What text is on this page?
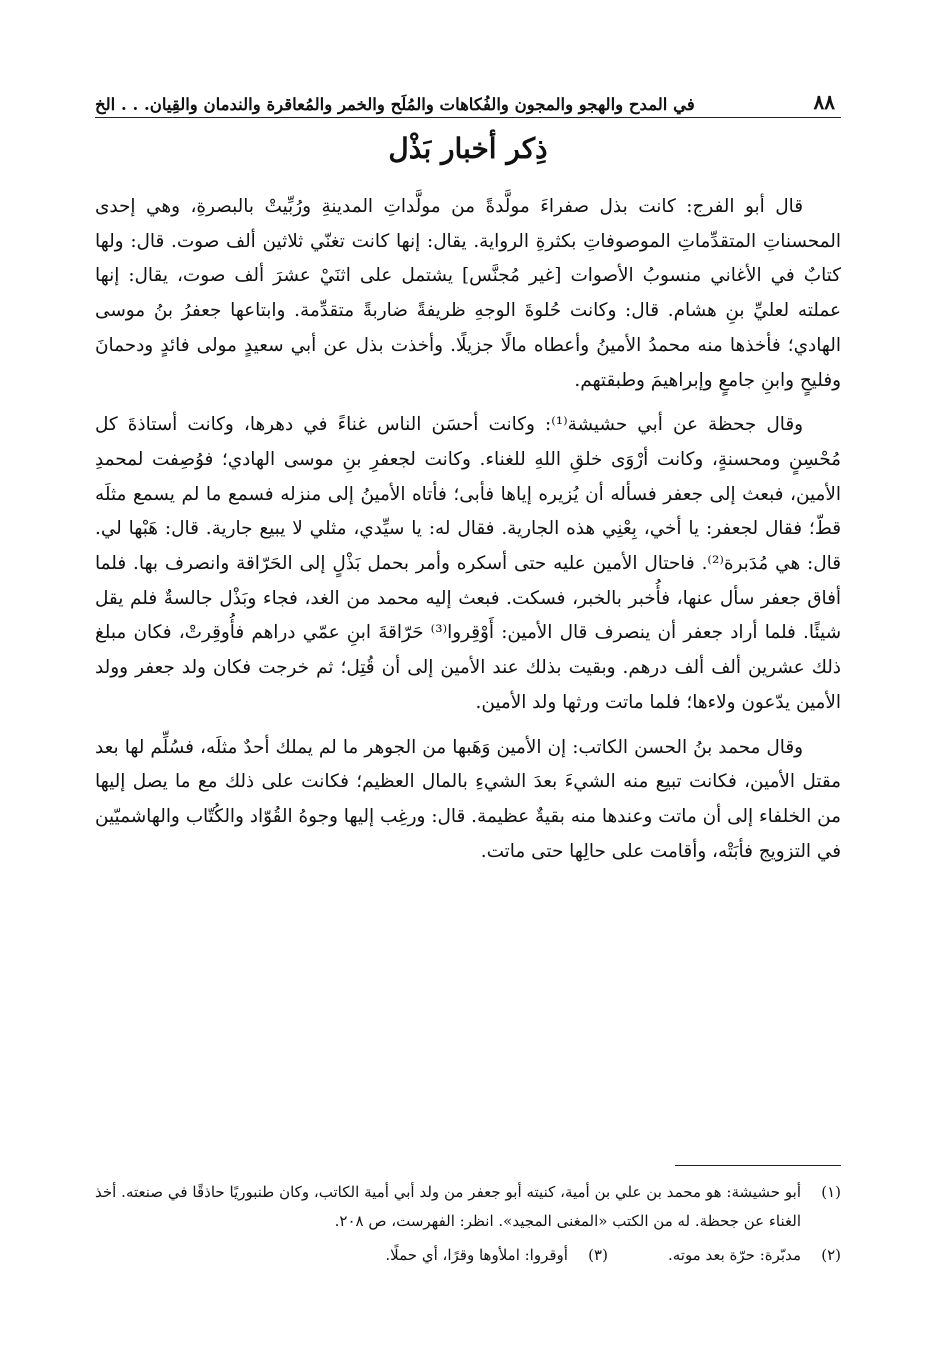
٨٨
في المدح والهجو والمجون والفُكاهات والمُلَح والخمر والمُعاقرة والندمان والقِيان. . . الخ
ذِكر أخبار بَذْل

قال أبو الفرج: كانت بذل صفراءَ مولَّدةً من مولَّداتِ المدينةِ ورُبِّيتْ بالبصرةِ، وهي إحدى المحسناتِ المتقدِّماتِ الموصوفاتِ بكثرةِ الرواية. يقال: إنها كانت تغنّي ثلاثين ألف صوت. قال: ولها كتابٌ في الأغاني منسوبُ الأصوات [غير مُجنَّس] يشتمل على اثنَيْ عشرَ ألف صوت، يقال: إنها عملته لعليِّ بنِ هشام. قال: وكانت حُلوةَ الوجهِ ظريفةً ضاربةً متقدِّمة. وابتاعها جعفرُ بنُ موسى الهادي؛ فأخذها منه محمدُ الأمينُ وأعطاه مالًا جزيلًا. وأخذت بذل عن أبي سعيدٍ مولى فائدٍ ودحمانَ وفليحٍ وابنِ جامعٍ وإبراهيمَ وطبقتهم.

وقال جحظة عن أبي حشيشة⁽¹⁾: وكانت أحسَن الناس غناءً في دهرها، وكانت أستاذةَ كل مُحْسِنٍ ومحسنةٍ، وكانت أرْوَى خلقِ اللهِ للغناء. وكانت لجعفرِ بنِ موسى الهادي؛ فوُصِفت لمحمدِ الأمين، فبعث إلى جعفر فسأله أن يُزيره إياها فأبى؛ فأتاه الأمينُ إلى منزله فسمع ما لم يسمع مثلَه قطّ؛ فقال لجعفر: يا أخي، بِعْنِي هذه الجارية. فقال له: يا سيِّدي، مثلي لا يبيع جارية. قال: هَبْها لي. قال: هي مُدَبرة⁽²⁾. فاحتال الأمين عليه حتى أسكره وأمر بحمل بَذْلٍ إلى الحَرّاقة وانصرف بها. فلما أفاق جعفر سأل عنها، فأُخبر بالخبر، فسكت. فبعث إليه محمد من الغد، فجاء وبَذْل جالسةٌ فلم يقل شيئًا. فلما أراد جعفر أن ينصرف قال الأمين: أَوْقِروا⁽³⁾ حَرّاقةَ ابنِ عمّي دراهم فأُوقِرتْ، فكان مبلغ ذلك عشرين ألف ألف درهم. وبقيت بذلك عند الأمين إلى أن قُتِل؛ ثم خرجت فكان ولد جعفر وولد الأمين يدّعون ولاءها؛ فلما ماتت ورثها ولد الأمين.

وقال محمد بنُ الحسن الكاتب: إن الأمين وَهَبها من الجوهر ما لم يملك أحدٌ مثلَه، فسُلِّم لها بعد مقتل الأمين، فكانت تبيع منه الشيءَ بعدَ الشيءِ بالمال العظيم؛ فكانت على ذلك مع ما يصل إليها من الخلفاء إلى أن ماتت وعندها منه بقيةٌ عظيمة. قال: ورغِب إليها وجوهُ القُوّاد والكُتّاب والهاشميّين في التزويج فأبَتْه، وأقامت على حالِها حتى ماتت.

(١)
أبو حشيشة: هو محمد بن علي بن أمية، كنيته أبو جعفر من ولد أبي أمية الكاتب، وكان طنبوريًا حاذقًا في صنعته. أخذ الغناء عن جحظة. له من الكتب «المغنى المجيد». انظر: الفهرست، ص ٢٠٨.
(٢)
مدبّرة: حرّة بعد موته.
(٣)
أوقروا: املأوها وقرًا، أي حملًا.
